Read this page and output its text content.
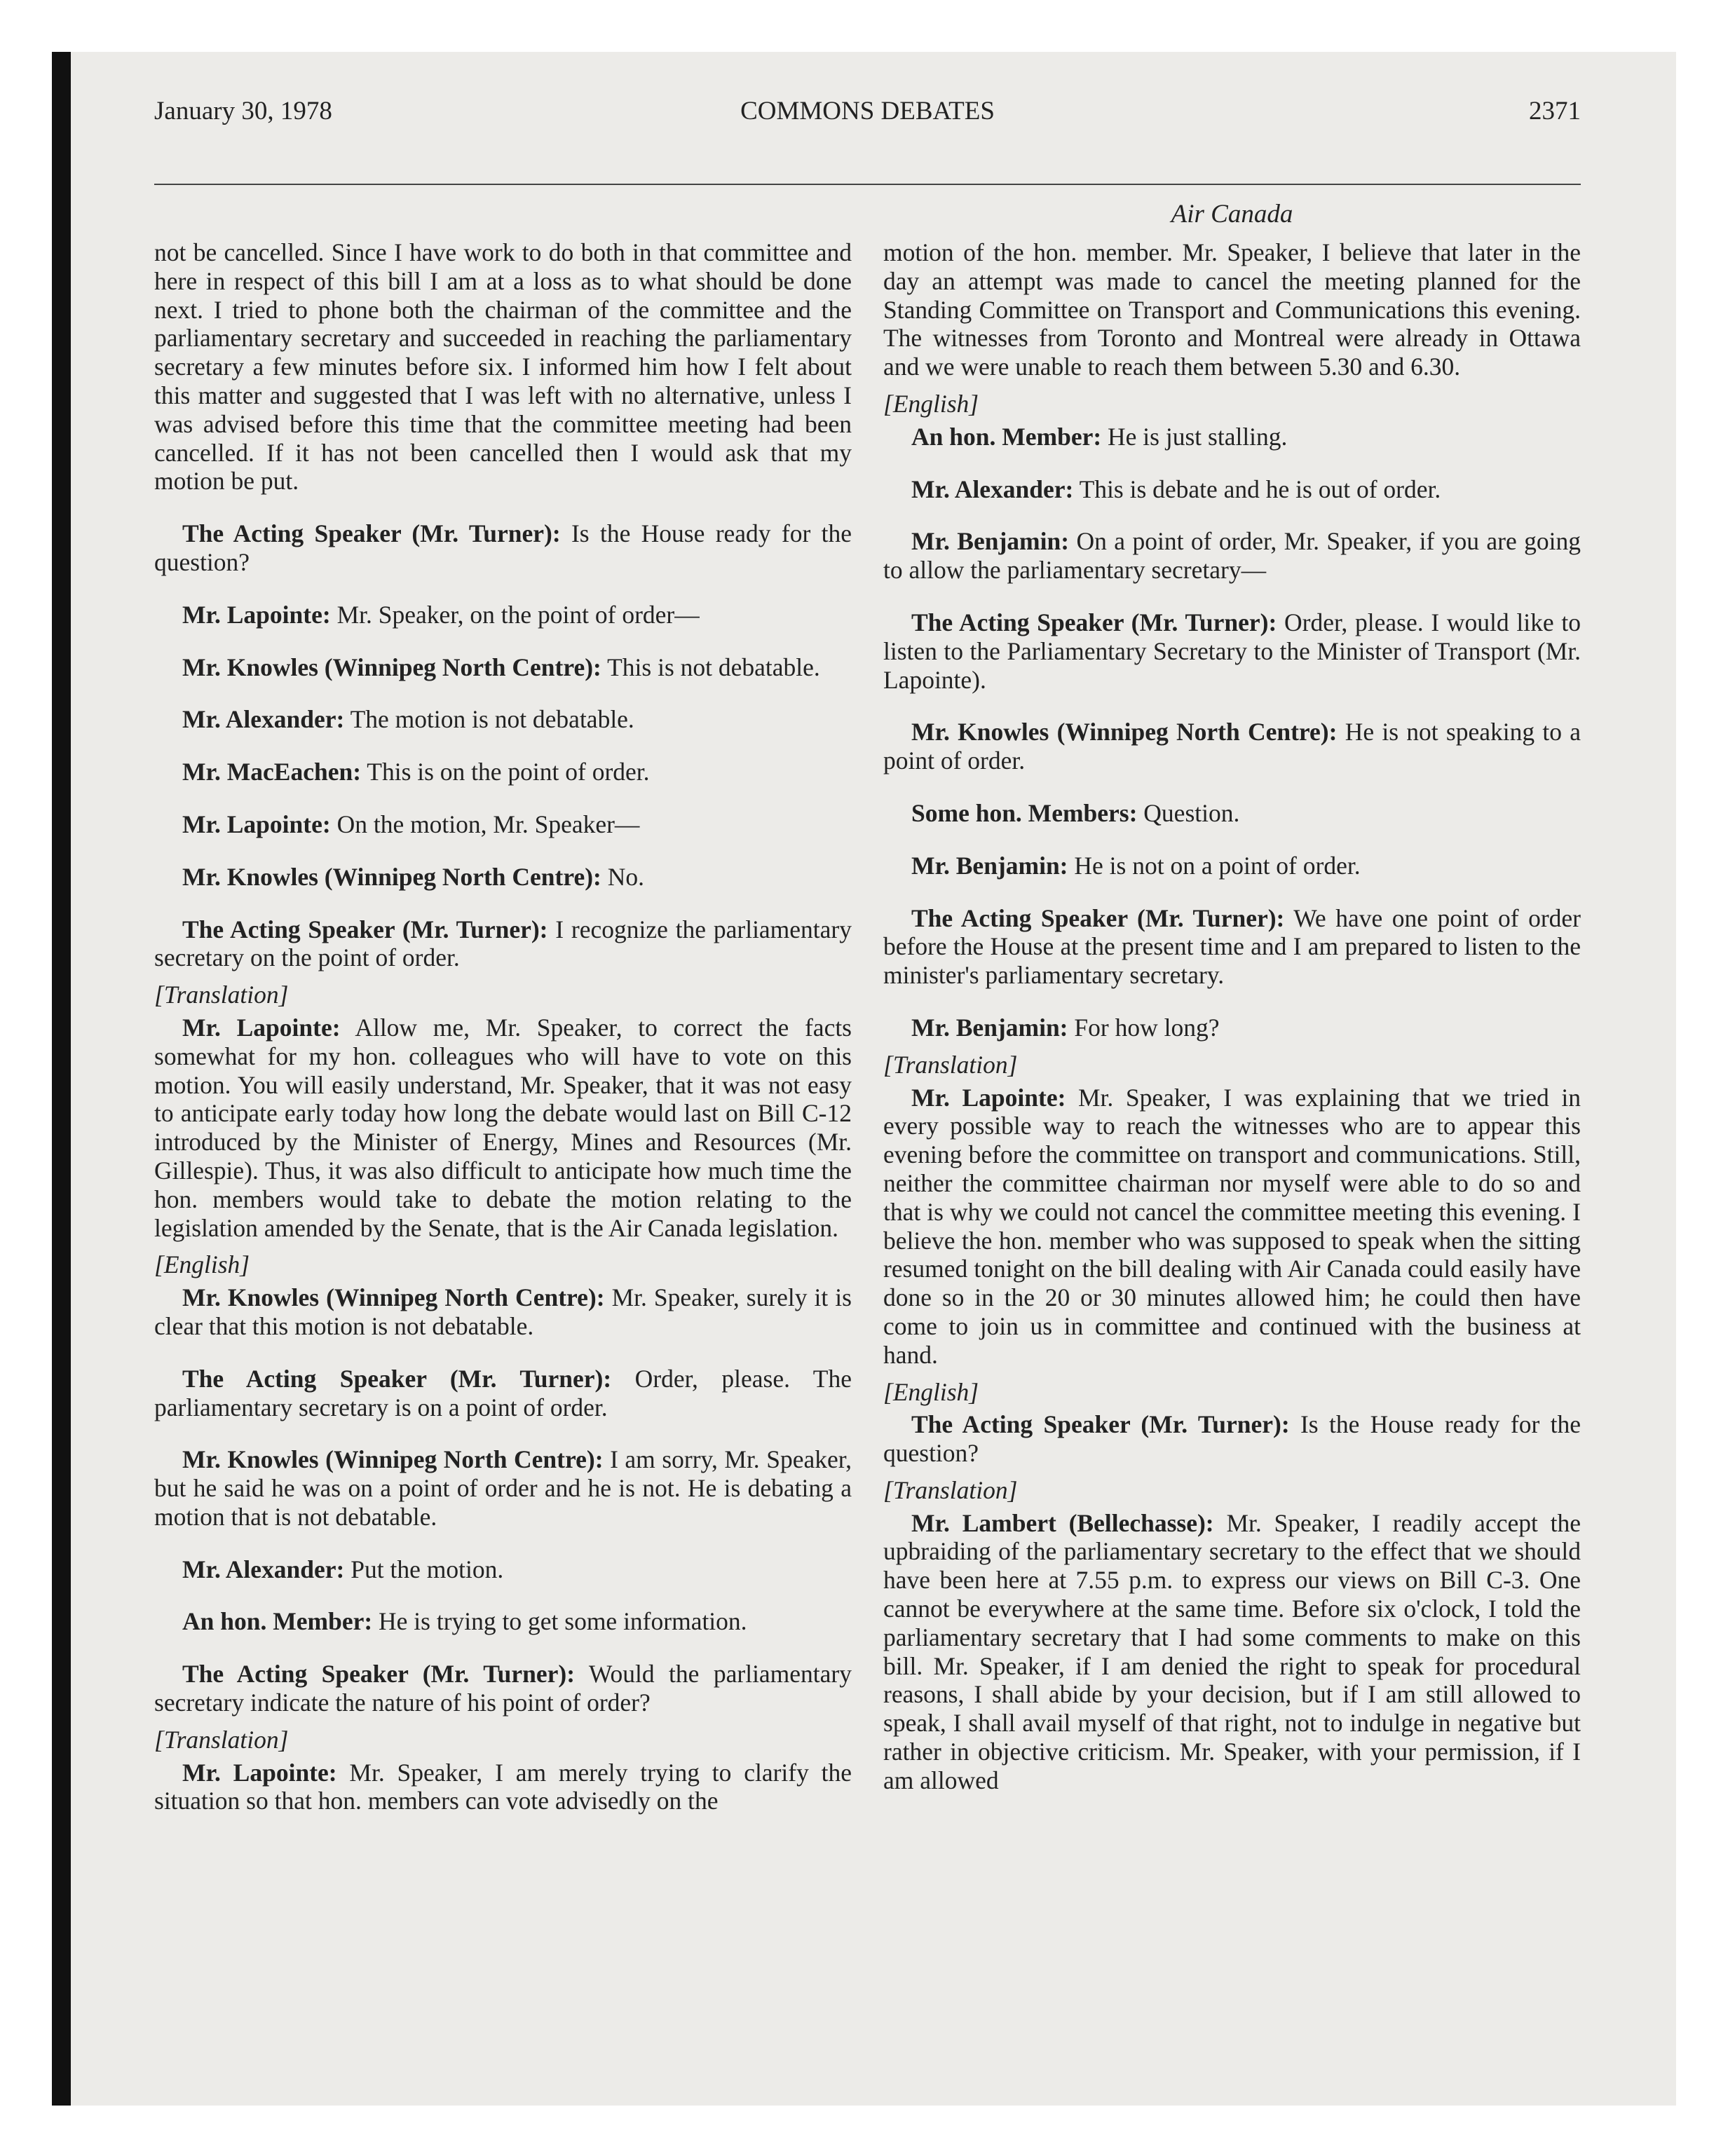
January 30, 1978	COMMONS DEBATES	2371
Air Canada

not be cancelled. Since I have work to do both in that committee and here in respect of this bill I am at a loss as to what should be done next. I tried to phone both the chairman of the committee and the parliamentary secretary and succeeded in reaching the parliamentary secretary a few minutes before six. I informed him how I felt about this matter and suggested that I was left with no alternative, unless I was advised before this time that the committee meeting had been cancelled. If it has not been cancelled then I would ask that my motion be put.

The Acting Speaker (Mr. Turner): Is the House ready for the question?

Mr. Lapointe: Mr. Speaker, on the point of order—

Mr. Knowles (Winnipeg North Centre): This is not debatable.

Mr. Alexander: The motion is not debatable.

Mr. MacEachen: This is on the point of order.

Mr. Lapointe: On the motion, Mr. Speaker—

Mr. Knowles (Winnipeg North Centre): No.

The Acting Speaker (Mr. Turner): I recognize the parliamentary secretary on the point of order.

[Translation]

Mr. Lapointe: Allow me, Mr. Speaker, to correct the facts somewhat for my hon. colleagues who will have to vote on this motion. You will easily understand, Mr. Speaker, that it was not easy to anticipate early today how long the debate would last on Bill C-12 introduced by the Minister of Energy, Mines and Resources (Mr. Gillespie). Thus, it was also difficult to anticipate how much time the hon. members would take to debate the motion relating to the legislation amended by the Senate, that is the Air Canada legislation.

[English]

Mr. Knowles (Winnipeg North Centre): Mr. Speaker, surely it is clear that this motion is not debatable.

The Acting Speaker (Mr. Turner): Order, please. The parliamentary secretary is on a point of order.

Mr. Knowles (Winnipeg North Centre): I am sorry, Mr. Speaker, but he said he was on a point of order and he is not. He is debating a motion that is not debatable.

Mr. Alexander: Put the motion.

An hon. Member: He is trying to get some information.

The Acting Speaker (Mr. Turner): Would the parliamentary secretary indicate the nature of his point of order?

[Translation]

Mr. Lapointe: Mr. Speaker, I am merely trying to clarify the situation so that hon. members can vote advisedly on the

motion of the hon. member. Mr. Speaker, I believe that later in the day an attempt was made to cancel the meeting planned for the Standing Committee on Transport and Communications this evening. The witnesses from Toronto and Montreal were already in Ottawa and we were unable to reach them between 5.30 and 6.30.

[English]

An hon. Member: He is just stalling.

Mr. Alexander: This is debate and he is out of order.

Mr. Benjamin: On a point of order, Mr. Speaker, if you are going to allow the parliamentary secretary—

The Acting Speaker (Mr. Turner): Order, please. I would like to listen to the Parliamentary Secretary to the Minister of Transport (Mr. Lapointe).

Mr. Knowles (Winnipeg North Centre): He is not speaking to a point of order.

Some hon. Members: Question.

Mr. Benjamin: He is not on a point of order.

The Acting Speaker (Mr. Turner): We have one point of order before the House at the present time and I am prepared to listen to the minister's parliamentary secretary.

Mr. Benjamin: For how long?

[Translation]

Mr. Lapointe: Mr. Speaker, I was explaining that we tried in every possible way to reach the witnesses who are to appear this evening before the committee on transport and communications. Still, neither the committee chairman nor myself were able to do so and that is why we could not cancel the committee meeting this evening. I believe the hon. member who was supposed to speak when the sitting resumed tonight on the bill dealing with Air Canada could easily have done so in the 20 or 30 minutes allowed him; he could then have come to join us in committee and continued with the business at hand.

[English]

The Acting Speaker (Mr. Turner): Is the House ready for the question?

[Translation]

Mr. Lambert (Bellechasse): Mr. Speaker, I readily accept the upbraiding of the parliamentary secretary to the effect that we should have been here at 7.55 p.m. to express our views on Bill C-3. One cannot be everywhere at the same time. Before six o'clock, I told the parliamentary secretary that I had some comments to make on this bill. Mr. Speaker, if I am denied the right to speak for procedural reasons, I shall abide by your decision, but if I am still allowed to speak, I shall avail myself of that right, not to indulge in negative but rather in objective criticism. Mr. Speaker, with your permission, if I am allowed
